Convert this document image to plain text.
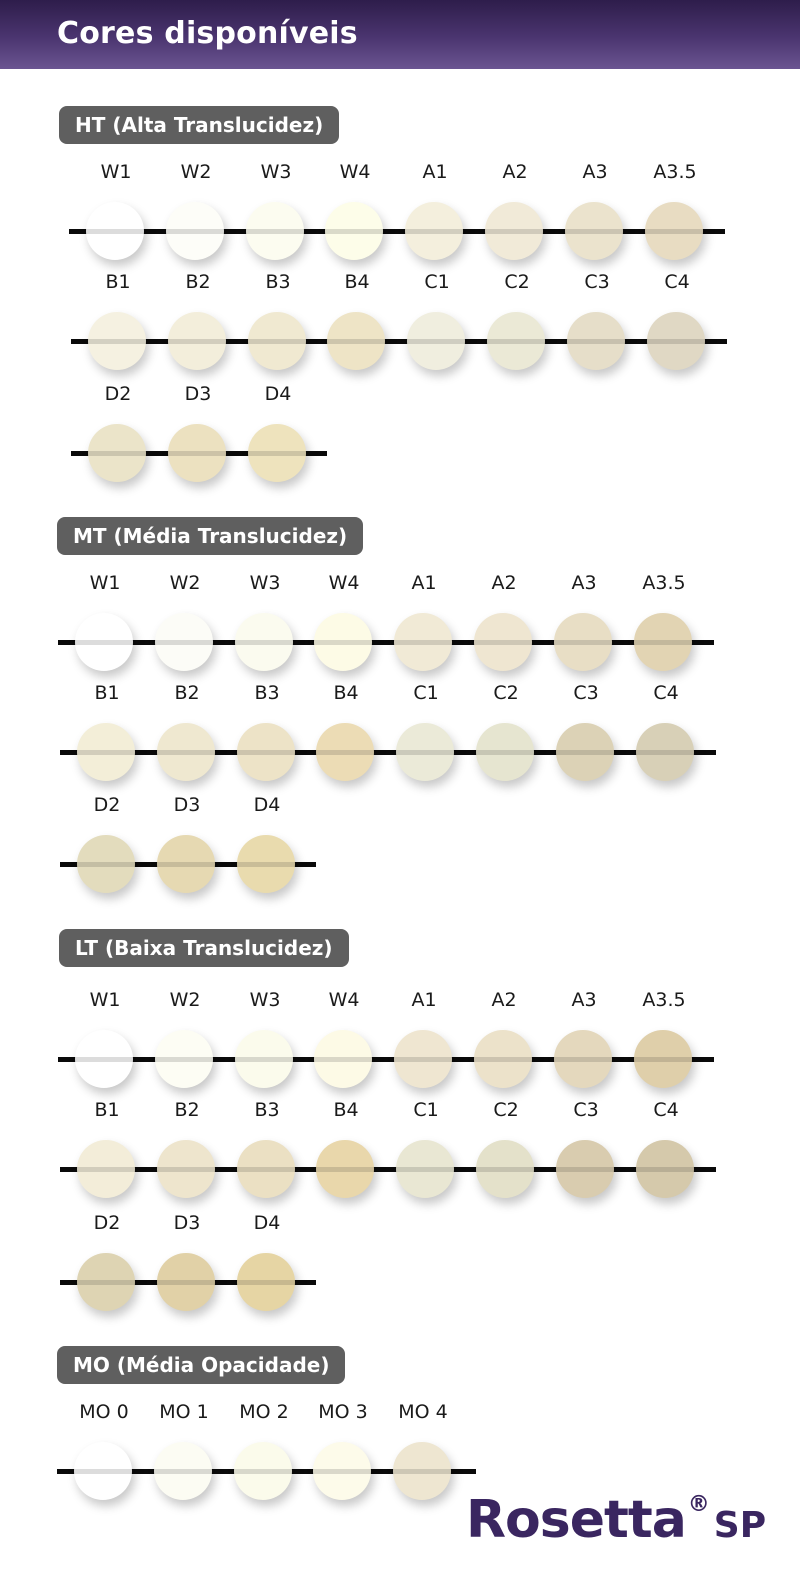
Cores disponíveis
HT (Alta Translucidez)
W1	W2	W3	W4	A1	A2	A3	A3.5
B1	B2	B3	B4	C1	C2	C3	C4
D2	D3	D4
MT (Média Translucidez)
W1	W2	W3	W4	A1	A2	A3	A3.5
B1	B2	B3	B4	C1	C2	C3	C4
D2	D3	D4
LT (Baixa Translucidez)
W1	W2	W3	W4	A1	A2	A3	A3.5
B1	B2	B3	B4	C1	C2	C3	C4
D2	D3	D4
MO (Média Opacidade)
MO 0	MO 1	MO 2	MO 3	MO 4
Rosetta®SP
